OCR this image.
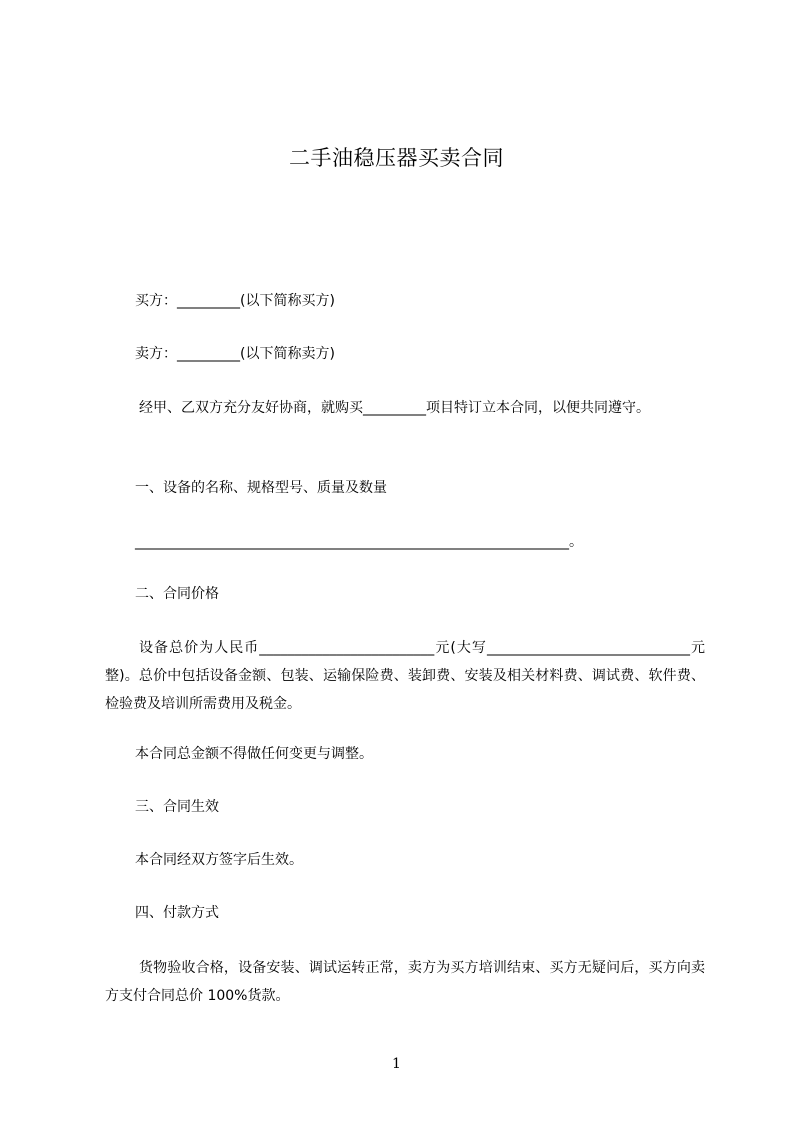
二手油稳压器买卖合同
买方：_________(以下简称买方)
卖方：_________(以下简称卖方)
经甲、乙双方充分友好协商，就购买_________项目特订立本合同，以便共同遵守。
一、设备的名称、规格型号、质量及数量
______________________________________________________________。
二、合同价格
设备总价为人民币_________________________元(大写_____________________________元整)。总价中包括设备金额、包装、运输保险费、装卸费、安装及相关材料费、调试费、软件费、检验费及培训所需费用及税金。
本合同总金额不得做任何变更与调整。
三、合同生效
本合同经双方签字后生效。
四、付款方式
货物验收合格，设备安装、调试运转正常，卖方为买方培训结束、买方无疑问后，买方向卖方支付合同总价 100%货款。
1
